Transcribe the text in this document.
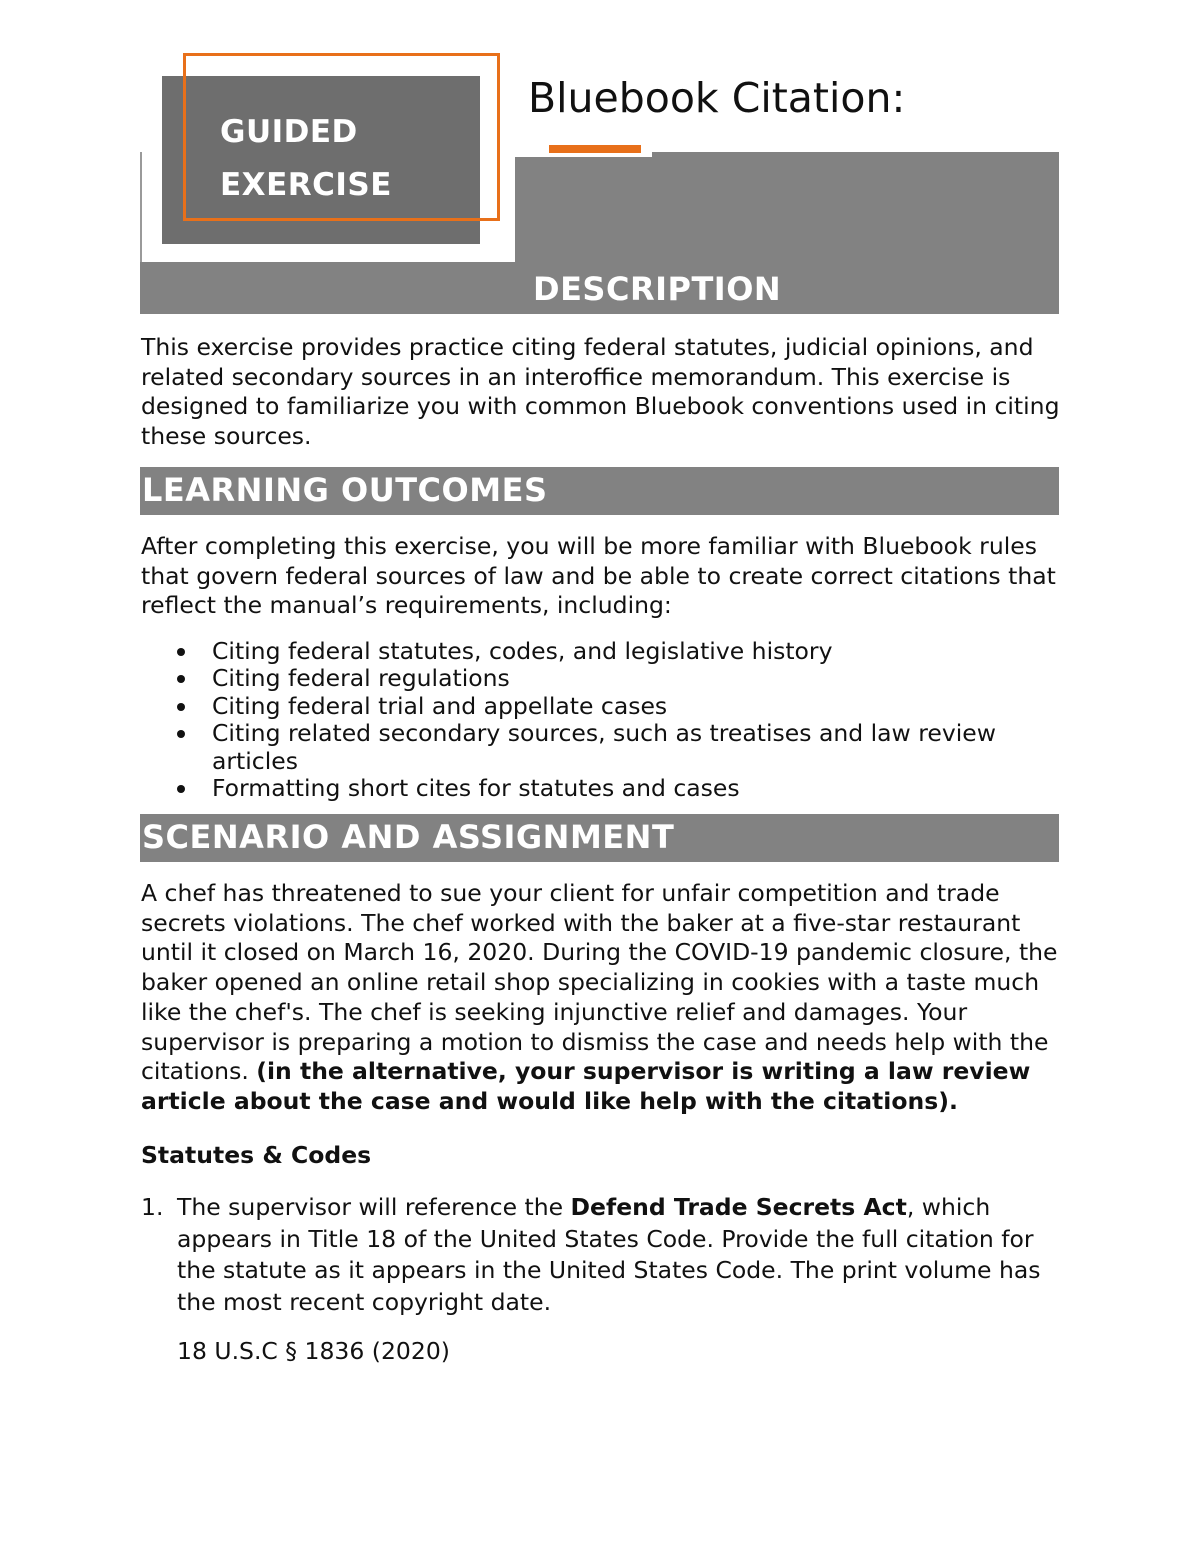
GUIDED
EXERCISE
Bluebook Citation:
DESCRIPTION
This exercise provides practice citing federal statutes, judicial opinions, and related secondary sources in an interoffice memorandum. This exercise is designed to familiarize you with common Bluebook conventions used in citing these sources.
LEARNING OUTCOMES
After completing this exercise, you will be more familiar with Bluebook rules that govern federal sources of law and be able to create correct citations that reflect the manual’s requirements, including:
Citing federal statutes, codes, and legislative history
Citing federal regulations
Citing federal trial and appellate cases
Citing related secondary sources, such as treatises and law review articles
Formatting short cites for statutes and cases
SCENARIO AND ASSIGNMENT
A chef has threatened to sue your client for unfair competition and trade secrets violations. The chef worked with the baker at a five-star restaurant until it closed on March 16, 2020. During the COVID-19 pandemic closure, the baker opened an online retail shop specializing in cookies with a taste much like the chef's. The chef is seeking injunctive relief and damages. Your supervisor is preparing a motion to dismiss the case and needs help with the citations. (in the alternative, your supervisor is writing a law review article about the case and would like help with the citations).
Statutes & Codes
1. The supervisor will reference the Defend Trade Secrets Act, which appears in Title 18 of the United States Code. Provide the full citation for the statute as it appears in the United States Code. The print volume has the most recent copyright date.
18 U.S.C § 1836 (2020)
